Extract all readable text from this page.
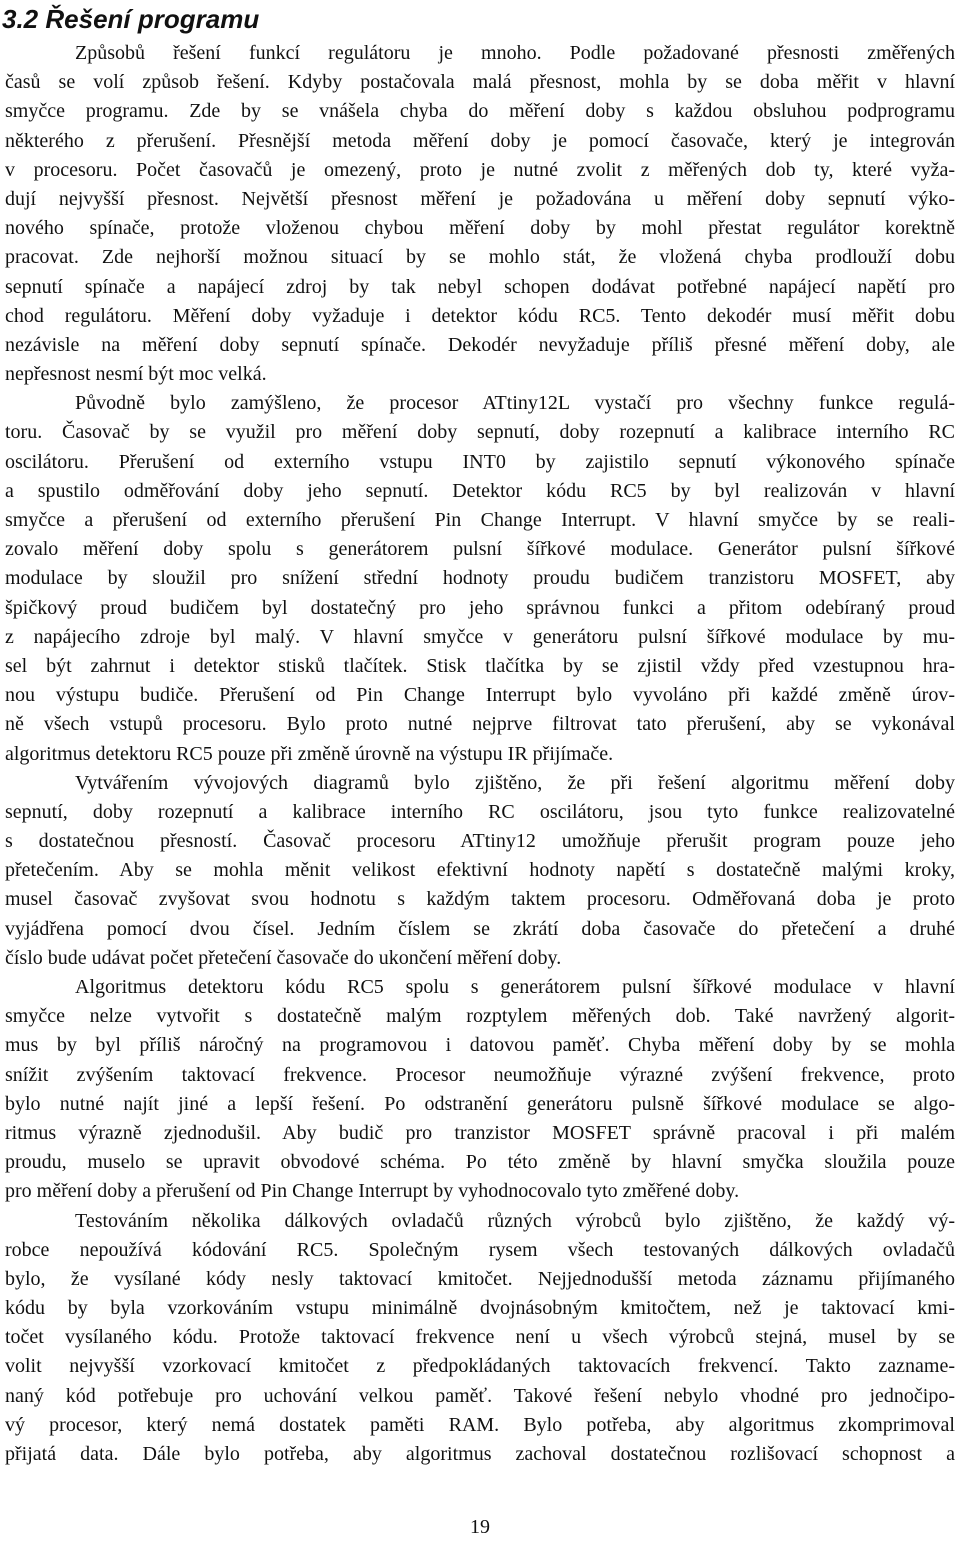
3.2 Řešení programu
Způsobů řešení funkcí regulátoru je mnoho. Podle požadované přesnosti změřených
časů se volí způsob řešení. Kdyby postačovala malá přesnost, mohla by se doba měřit v hlavní
smyčce programu. Zde by se vnášela chyba do měření doby s každou obsluhou podprogramu
některého z přerušení. Přesnější metoda měření doby je pomocí časovače, který je integrován
v procesoru. Počet časovačů je omezený, proto je nutné zvolit z měřených dob ty, které vyža-
dují nejvyšší přesnost. Největší přesnost měření je požadována u měření doby sepnutí výko-
nového spínače, protože vloženou chybou měření doby by mohl přestat regulátor korektně
pracovat. Zde nejhorší možnou situací by se mohlo stát, že vložená chyba prodlouží dobu
sepnutí spínače a napájecí zdroj by tak nebyl schopen dodávat potřebné napájecí napětí pro
chod regulátoru. Měření doby vyžaduje i detektor kódu RC5. Tento dekodér musí měřit dobu
nezávisle na měření doby sepnutí spínače. Dekodér nevyžaduje příliš přesné měření doby, ale
nepřesnost nesmí být moc velká.
Původně bylo zamýšleno, že procesor ATtiny12L vystačí pro všechny funkce regulá-
toru. Časovač by se využil pro měření doby sepnutí, doby rozepnutí a kalibrace interního RC
oscilátoru. Přerušení od externího vstupu INT0 by zajistilo sepnutí výkonového spínače
a spustilo odměřování doby jeho sepnutí. Detektor kódu RC5 by byl realizován v hlavní
smyčce a přerušení od externího přerušení Pin Change Interrupt. V hlavní smyčce by se reali-
zovalo měření doby spolu s generátorem pulsní šířkové modulace. Generátor pulsní šířkové
modulace by sloužil pro snížení střední hodnoty proudu budičem tranzistoru MOSFET, aby
špičkový proud budičem byl dostatečný pro jeho správnou funkci a přitom odebíraný proud
z napájecího zdroje byl malý. V hlavní smyčce v generátoru pulsní šířkové modulace by mu-
sel být zahrnut i detektor stisků tlačítek. Stisk tlačítka by se zjistil vždy před vzestupnou hra-
nou výstupu budiče. Přerušení od Pin Change Interrupt bylo vyvoláno při každé změně úrov-
ně všech vstupů procesoru. Bylo proto nutné nejprve filtrovat tato přerušení, aby se vykonával
algoritmus detektoru RC5 pouze při změně úrovně na výstupu IR přijímače.
Vytvářením vývojových diagramů bylo zjištěno, že při řešení algoritmu měření doby
sepnutí, doby rozepnutí a kalibrace interního RC oscilátoru, jsou tyto funkce realizovatelné
s dostatečnou přesností. Časovač procesoru ATtiny12 umožňuje přerušit program pouze jeho
přetečením. Aby se mohla měnit velikost efektivní hodnoty napětí s dostatečně malými kroky,
musel časovač zvyšovat svou hodnotu s každým taktem procesoru. Odměřovaná doba je proto
vyjádřena pomocí dvou čísel. Jedním číslem se zkrátí doba časovače do přetečení a druhé
číslo bude udávat počet přetečení časovače do ukončení měření doby.
Algoritmus detektoru kódu RC5 spolu s generátorem pulsní šířkové modulace v hlavní
smyčce nelze vytvořit s dostatečně malým rozptylem měřených dob. Také navržený algorit-
mus by byl příliš náročný na programovou i datovou paměť. Chyba měření doby by se mohla
snížit zvýšením taktovací frekvence. Procesor neumožňuje výrazné zvýšení frekvence, proto
bylo nutné najít jiné a lepší řešení. Po odstranění generátoru pulsně šířkové modulace se algo-
ritmus výrazně zjednodušil. Aby budič pro tranzistor MOSFET správně pracoval i při malém
proudu, muselo se upravit obvodové schéma. Po této změně by hlavní smyčka sloužila pouze
pro měření doby a přerušení od Pin Change Interrupt by vyhodnocovalo tyto změřené doby.
Testováním několika dálkových ovladačů různých výrobců bylo zjištěno, že každý vý-
robce nepoužívá kódování RC5. Společným rysem všech testovaných dálkových ovladačů
bylo, že vysílané kódy nesly taktovací kmitočet. Nejjednodušší metoda záznamu přijímaného
kódu by byla vzorkováním vstupu minimálně dvojnásobným kmitočtem, než je taktovací kmi-
točet vysílaného kódu. Protože taktovací frekvence není u všech výrobců stejná, musel by se
volit nejvyšší vzorkovací kmitočet z předpokládaných taktovacích frekvencí. Takto zazname-
naný kód potřebuje pro uchování velkou paměť. Takové řešení nebylo vhodné pro jednočipo-
vý procesor, který nemá dostatek paměti RAM. Bylo potřeba, aby algoritmus zkomprimoval
přijatá data. Dále bylo potřeba, aby algoritmus zachoval dostatečnou rozlišovací schopnost a
19
